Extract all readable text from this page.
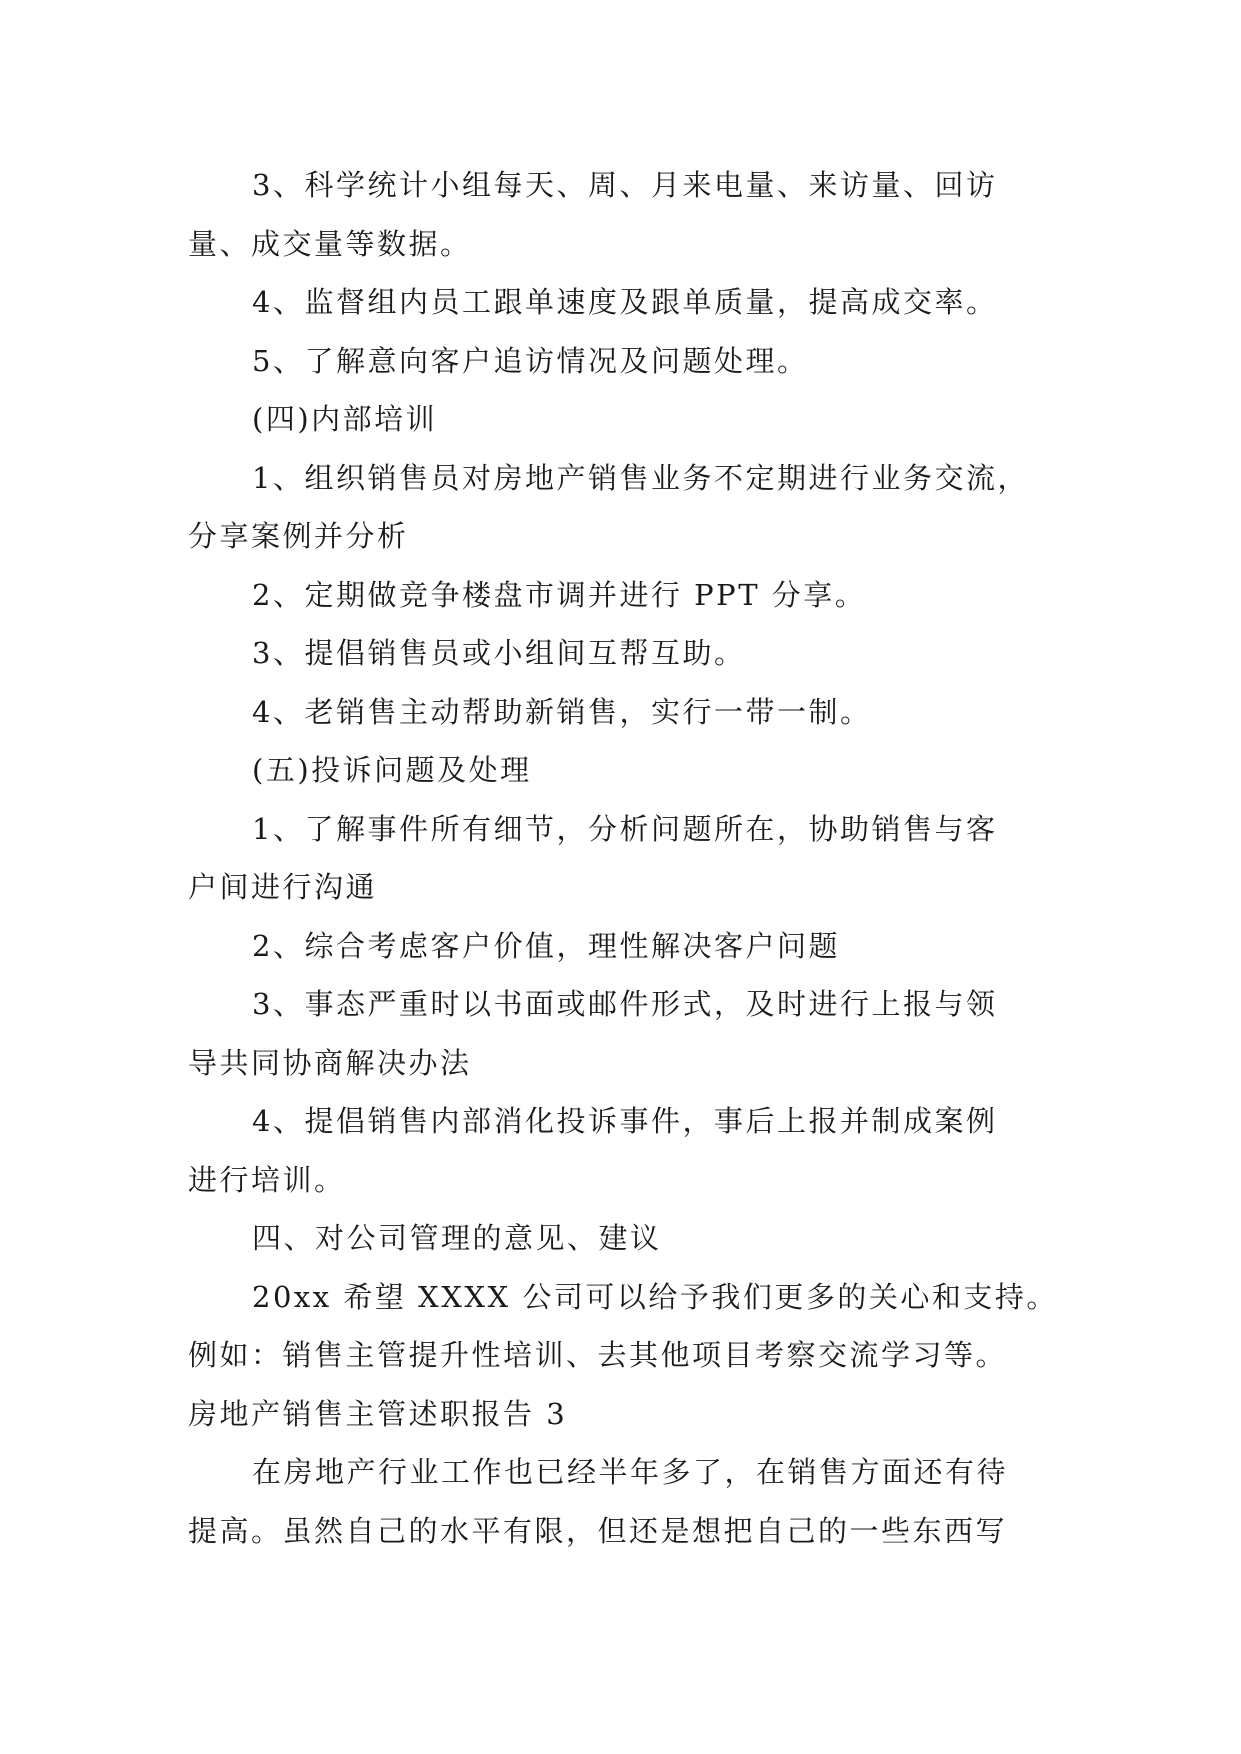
3、科学统计小组每天、周、月来电量、来访量、回访

量、成交量等数据。

4、监督组内员工跟单速度及跟单质量，提高成交率。

5、了解意向客户追访情况及问题处理。

(四)内部培训

1、组织销售员对房地产销售业务不定期进行业务交流，

分享案例并分析

2、定期做竞争楼盘市调并进行 PPT 分享。

3、提倡销售员或小组间互帮互助。

4、老销售主动帮助新销售，实行一带一制。

(五)投诉问题及处理

1、了解事件所有细节，分析问题所在，协助销售与客

户间进行沟通

2、综合考虑客户价值，理性解决客户问题

3、事态严重时以书面或邮件形式，及时进行上报与领

导共同协商解决办法

4、提倡销售内部消化投诉事件，事后上报并制成案例

进行培训。

四、对公司管理的意见、建议

20xx 希望 XXXX 公司可以给予我们更多的关心和支持。

例如：销售主管提升性培训、去其他项目考察交流学习等。

房地产销售主管述职报告 3

在房地产行业工作也已经半年多了，在销售方面还有待

提高。虽然自己的水平有限，但还是想把自己的一些东西写
